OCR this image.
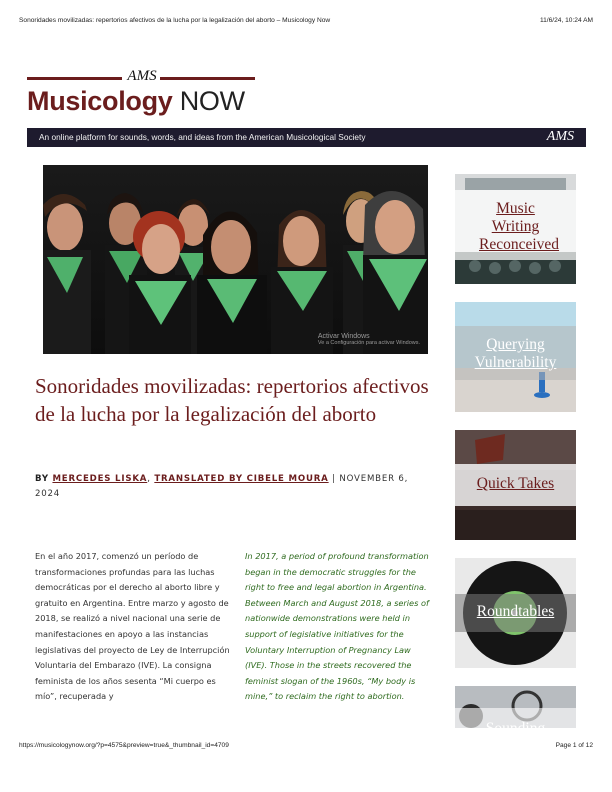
Sonoridades movilizadas: repertorios afectivos de la lucha por la legalización del aborto – Musicology Now	11/6/24, 10:24 AM
AMS
Musicology NOW
An online platform for sounds, words, and ideas from the American Musicological Society	AMS
Activar Windows
Ve a Configuración para activar Windows.
Sonoridades movilizadas: repertorios afectivos de la lucha por la legalización del aborto
BY MERCEDES LISKA, TRANSLATED BY CIBELE MOURA | NOVEMBER 6, 2024
En el año 2017, comenzó un período de transformaciones profundas para las luchas democráticas por el derecho al aborto libre y gratuito en Argentina. Entre marzo y agosto de 2018, se realizó a nivel nacional una serie de manifestaciones en apoyo a las instancias legislativas del proyecto de Ley de Interrupción Voluntaria del Embarazo (IVE). La consigna feminista de los años sesenta “Mi cuerpo es mío”, recuperada y
In 2017, a period of profound transformation began in the democratic struggles for the right to free and legal abortion in Argentina. Between March and August 2018, a series of nationwide demonstrations were held in support of legislative initiatives for the Voluntary Interruption of Pregnancy Law (IVE). Those in the streets recovered the feminist slogan of the 1960s, “My body is mine,” to reclaim the right to abortion.
Music Writing Reconceived
Querying Vulnerability
Quick Takes
Roundtables
Sounding
https://musicologynow.org/?p=4575&preview=true&_thumbnail_id=4709	Page 1 of 12
